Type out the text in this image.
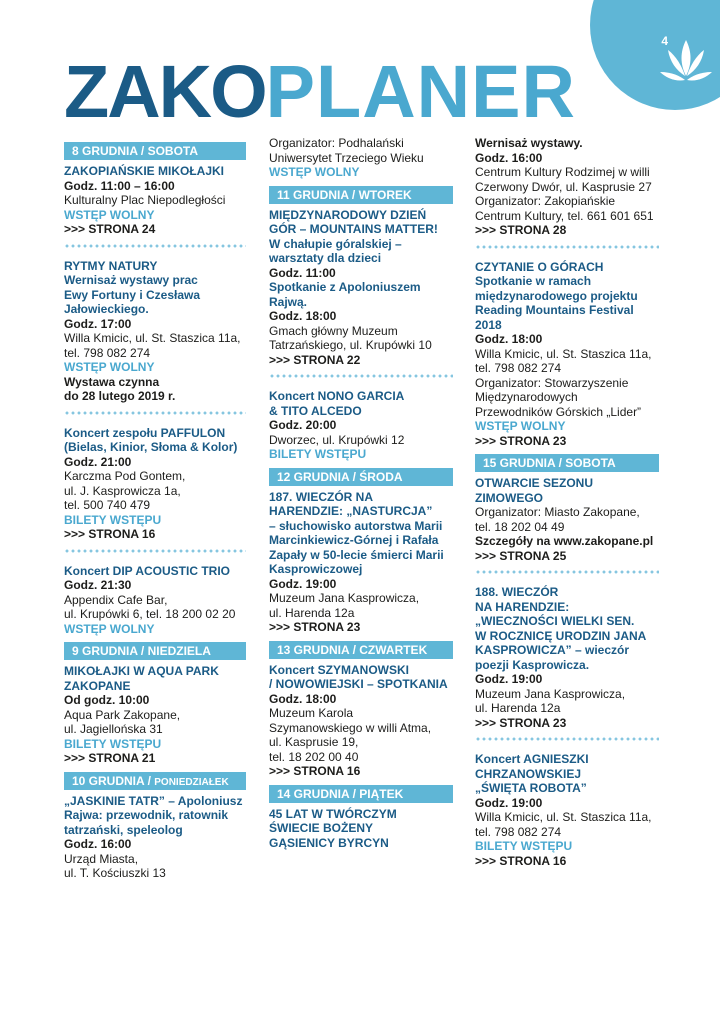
4
ZAKO PLANER
8 GRUDNIA / SOBOTA
ZAKOPIAŃSKIE MIKOŁAJKI
Godz. 11:00 – 16:00
Kulturalny Plac Niepodległości
WSTĘP WOLNY
>>> STRONA 24
RYTMY NATURY
Wernisaż wystawy prac
Ewy Fortuny i Czesława
Jałowieckiego.
Godz. 17:00
Willa Kmicic, ul. St. Staszica 11a,
tel. 798 082 274
WSTĘP WOLNY
Wystawa czynna
do 28 lutego 2019 r.
Koncert zespołu PAFFULON
(Bielas, Kinior, Słoma & Kolor)
Godz. 21:00
Karczma Pod Gontem,
ul. J. Kasprowicza 1a,
tel. 500 740 479
BILETY WSTĘPU
>>> STRONA 16
Koncert DIP ACOUSTIC TRIO
Godz. 21:30
Appendix Cafe Bar,
ul. Krupówki 6, tel. 18 200 02 20
WSTĘP WOLNY
9 GRUDNIA / NIEDZIELA
MIKOŁAJKI W AQUA PARK
ZAKOPANE
Od godz. 10:00
Aqua Park Zakopane,
ul. Jagiellońska 31
BILETY WSTĘPU
>>> STRONA 21
10 GRUDNIA / PONIEDZIAŁEK
„JASKINIE TATR” – Apoloniusz
Rajwa: przewodnik, ratownik
tatrzański, speleolog
Godz. 16:00
Urząd Miasta,
ul. T. Kościuszki 13
Organizator: Podhalański
Uniwersytet Trzeciego Wieku
WSTĘP WOLNY
11 GRUDNIA / WTOREK
MIĘDZYNARODOWY DZIEŃ
GÓR – MOUNTAINS MATTER!
W chałupie góralskiej –
warsztaty dla dzieci
Godz. 11:00
Spotkanie z Apoloniuszem
Rajwą.
Godz. 18:00
Gmach główny Muzeum
Tatrzańskiego, ul. Krupówki 10
>>> STRONA 22
Koncert NONO GARCIA
& TITO ALCEDO
Godz. 20:00
Dworzec, ul. Krupówki 12
BILETY WSTĘPU
12 GRUDNIA / ŚRODA
187. WIECZÓR NA
HARENDZIE: „NASTURCJA”
– słuchowisko autorstwa Marii
Marcinkiewicz-Górnej i Rafała
Zapały w 50-lecie śmierci Marii
Kasprowiczowej
Godz. 19:00
Muzeum Jana Kasprowicza,
ul. Harenda 12a
>>> STRONA 23
13 GRUDNIA / CZWARTEK
Koncert SZYMANOWSKI
/ NOWOWIEJSKI – SPOTKANIA
Godz. 18:00
Muzeum Karola
Szymanowskiego w willi Atma,
ul. Kasprusie 19,
tel. 18 202 00 40
>>> STRONA 16
14 GRUDNIA / PIĄTEK
45 LAT W TWÓRCZYM
ŚWIECIE BOŻENY
GĄSIENICY BYRCYN
Wernisaż wystawy.
Godz. 16:00
Centrum Kultury Rodzimej w willi
Czerwony Dwór, ul. Kasprusie 27
Organizator: Zakopiańskie
Centrum Kultury, tel. 661 601 651
>>> STRONA 28
CZYTANIE O GÓRACH
Spotkanie w ramach
międzynarodowego projektu
Reading Mountains Festival
2018
Godz. 18:00
Willa Kmicic, ul. St. Staszica 11a,
tel. 798 082 274
Organizator: Stowarzyszenie
Międzynarodowych
Przewodników Górskich „Lider”
WSTĘP WOLNY
>>> STRONA 23
15 GRUDNIA / SOBOTA
OTWARCIE SEZONU
ZIMOWEGO
Organizator: Miasto Zakopane,
tel. 18 202 04 49
Szczegóły na www.zakopane.pl
>>> STRONA 25
188. WIECZÓR
NA HARENDZIE:
„WIECZNOŚCI WIELKI SEN.
W ROCZNICĘ URODZIN JANA
KASPROWICZA” – wieczór
poezji Kasprowicza.
Godz. 19:00
Muzeum Jana Kasprowicza,
ul. Harenda 12a
>>> STRONA 23
Koncert AGNIESZKI
CHRZANOWSKIEJ
„ŚWIĘTA ROBOTA”
Godz. 19:00
Willa Kmicic, ul. St. Staszica 11a,
tel. 798 082 274
BILETY WSTĘPU
>>> STRONA 16
